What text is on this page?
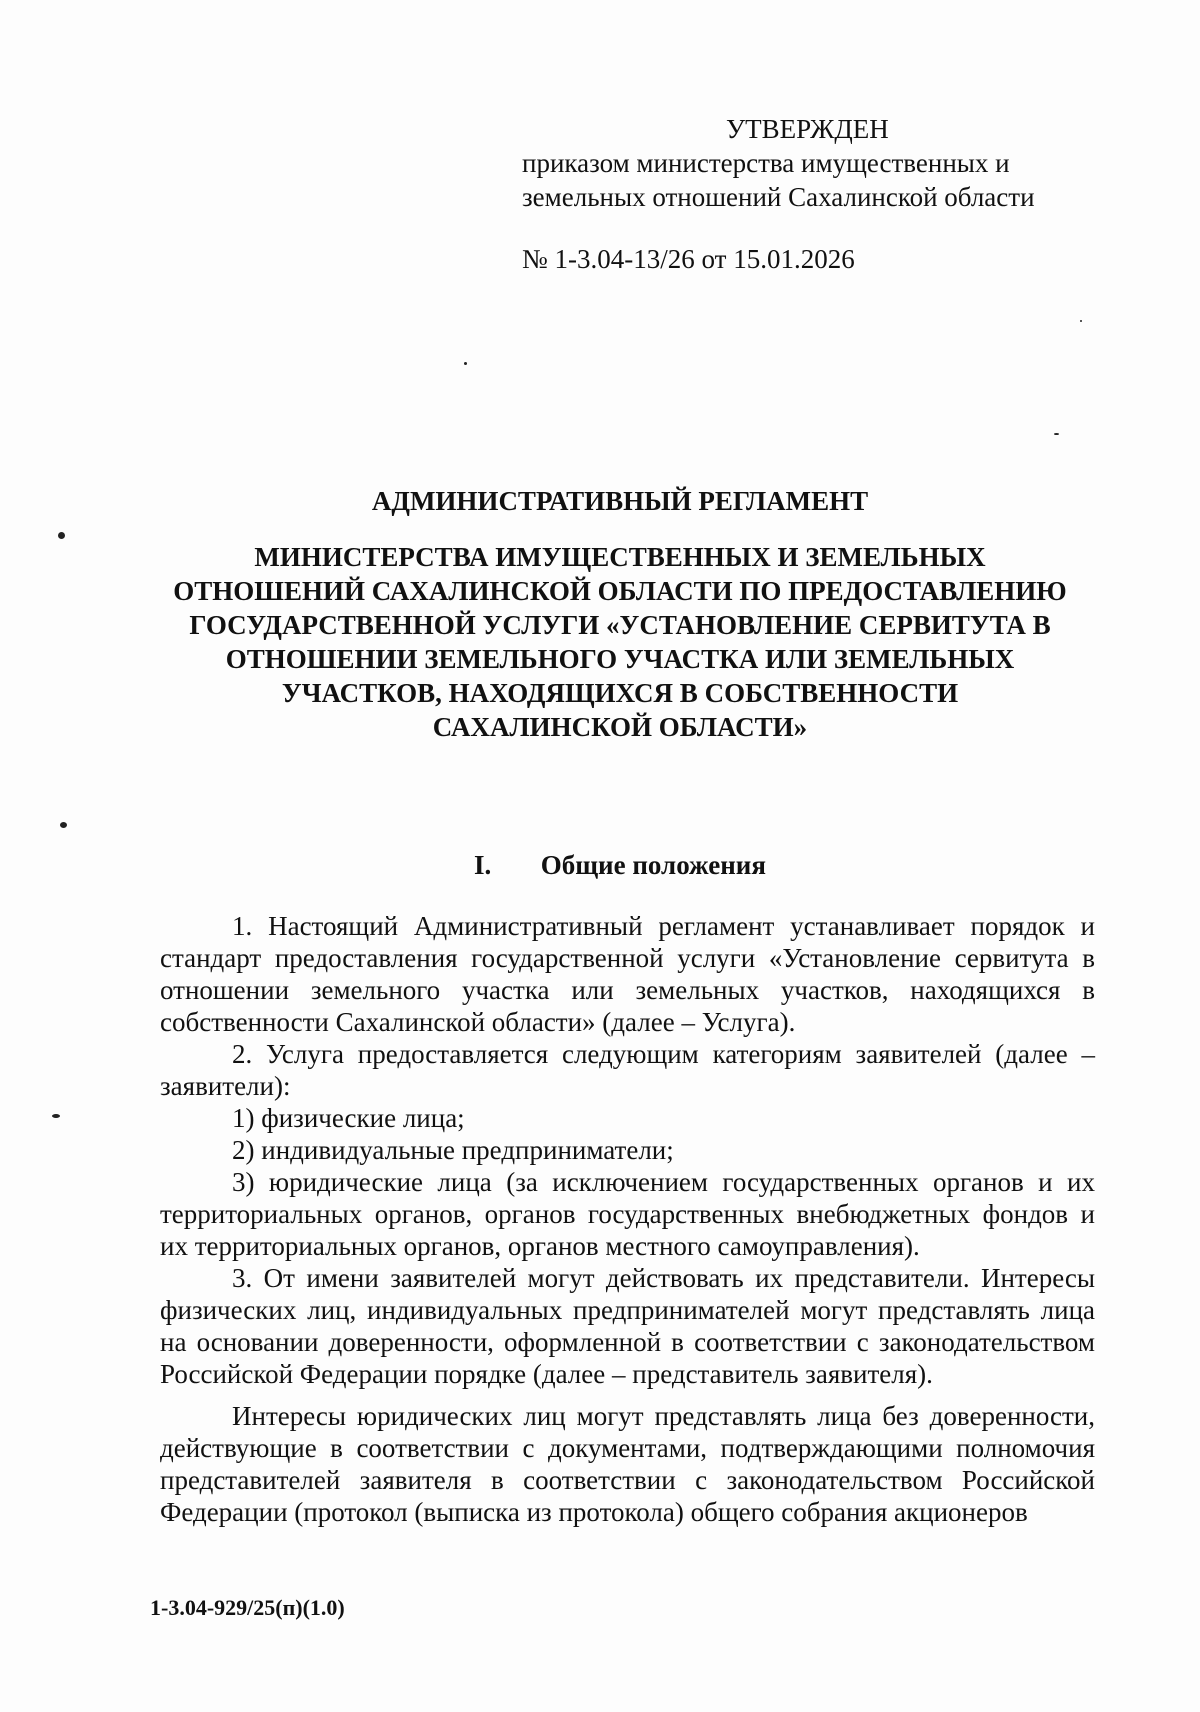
УТВЕРЖДЕН
приказом министерства имущественных и
земельных отношений Сахалинской области
№ 1-3.04-13/26 от 15.01.2026
АДМИНИСТРАТИВНЫЙ РЕГЛАМЕНТ
МИНИСТЕРСТВА ИМУЩЕСТВЕННЫХ И ЗЕМЕЛЬНЫХ
ОТНОШЕНИЙ САХАЛИНСКОЙ ОБЛАСТИ ПО ПРЕДОСТАВЛЕНИЮ
ГОСУДАРСТВЕННОЙ УСЛУГИ «УСТАНОВЛЕНИЕ СЕРВИТУТА В
ОТНОШЕНИИ ЗЕМЕЛЬНОГО УЧАСТКА ИЛИ ЗЕМЕЛЬНЫХ
УЧАСТКОВ, НАХОДЯЩИХСЯ В СОБСТВЕННОСТИ
САХАЛИНСКОЙ ОБЛАСТИ»
I. Общие положения

1. Настоящий Административный регламент устанавливает порядок и стандарт предоставления государственной услуги «Установление сервитута в отношении земельного участка или земельных участков, находящихся в собственности Сахалинской области» (далее – Услуга).

2. Услуга предоставляется следующим категориям заявителей (далее – заявители):

1) физические лица;

2) индивидуальные предприниматели;

3) юридические лица (за исключением государственных органов и их территориальных органов, органов государственных внебюджетных фондов и их территориальных органов, органов местного самоуправления).

3. От имени заявителей могут действовать их представители. Интересы физических лиц, индивидуальных предпринимателей могут представлять лица на основании доверенности, оформленной в соответствии с законодательством Российской Федерации порядке (далее – представитель заявителя).

Интересы юридических лиц могут представлять лица без доверенности, действующие в соответствии с документами, подтверждающими полномочия представителей заявителя в соответствии с законодательством Российской Федерации (протокол (выписка из протокола) общего собрания акционеров

1-3.04-929/25(п)(1.0)
